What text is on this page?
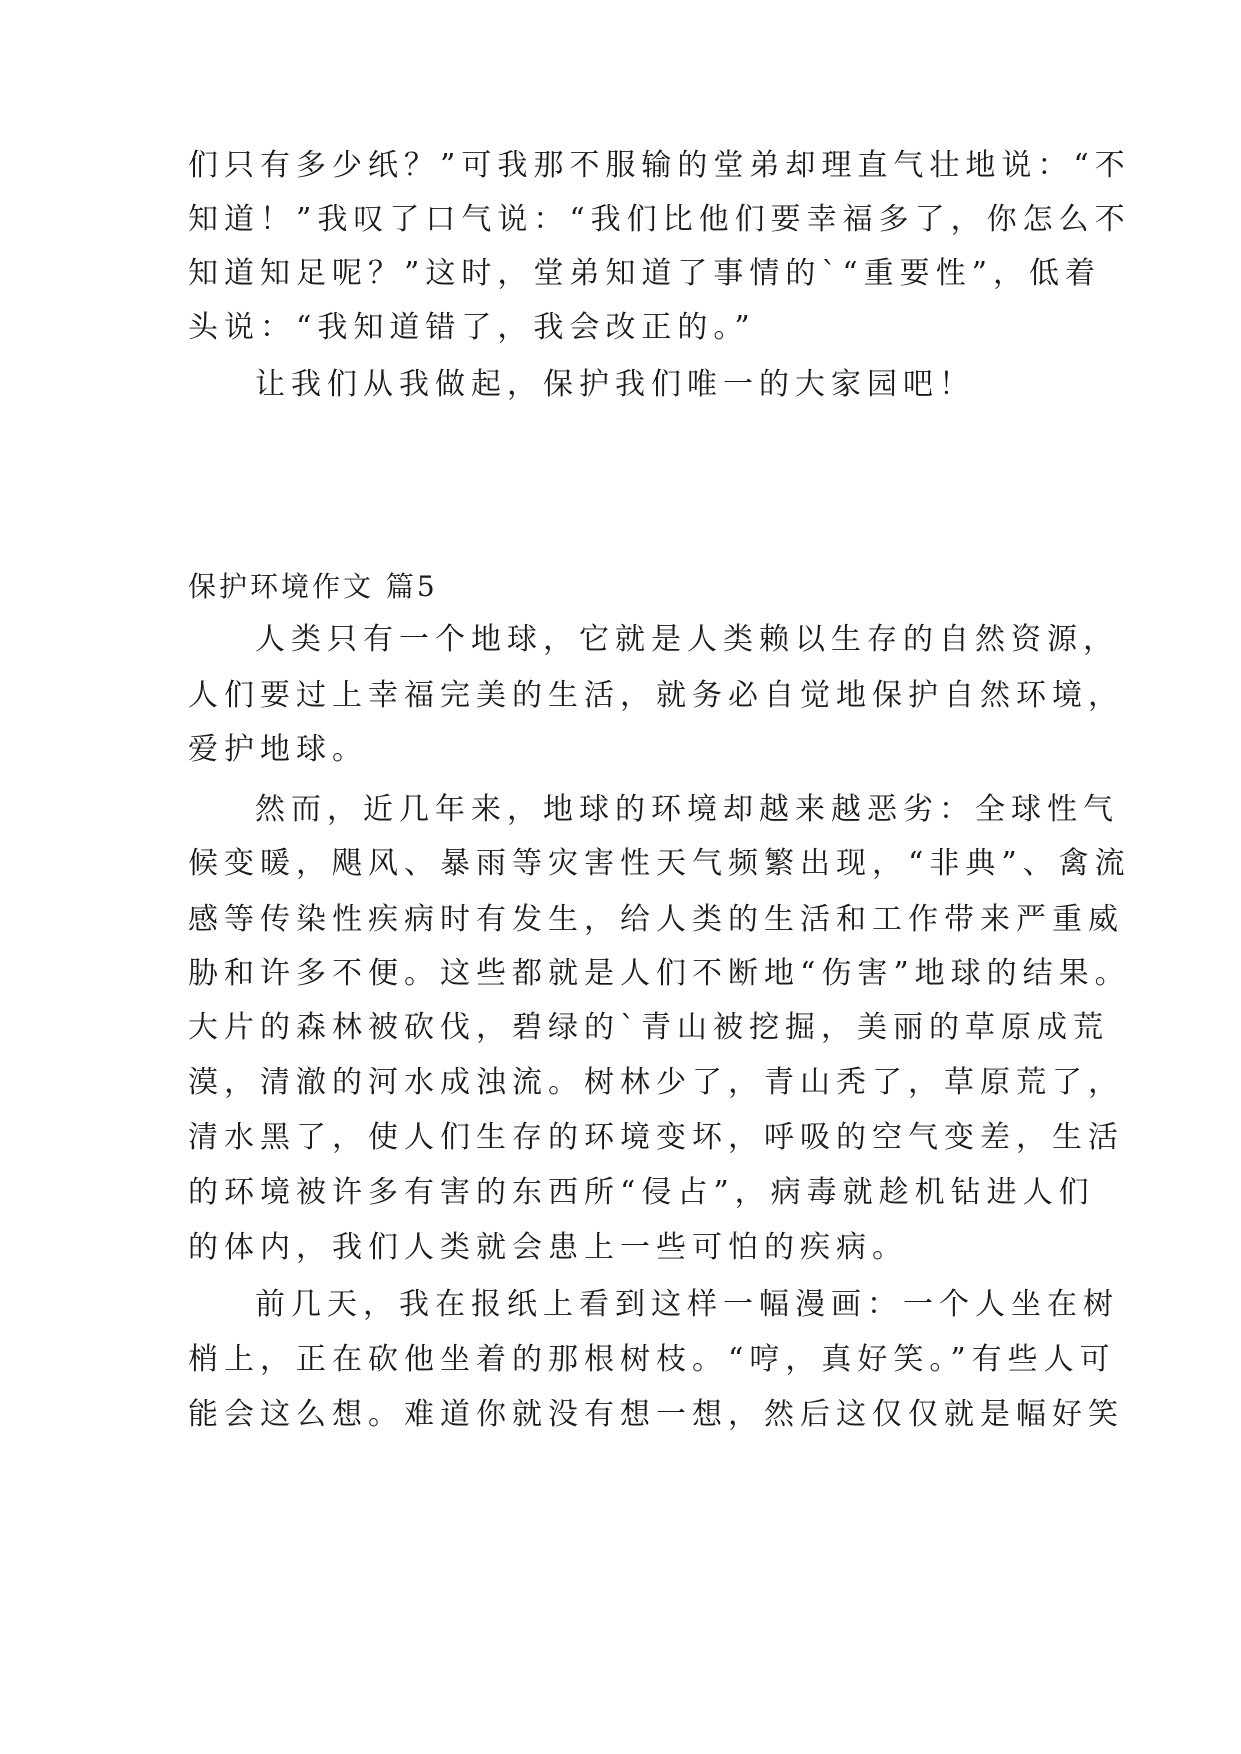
们只有多少纸？”可我那不服输的堂弟却理直气壮地说：“不
知道！”我叹了口气说：“我们比他们要幸福多了，你怎么不
知道知足呢？”这时，堂弟知道了事情的`“重要性”，低着
头说：“我知道错了，我会改正的。”
让我们从我做起，保护我们唯一的大家园吧！
保护环境作文 篇5
人类只有一个地球，它就是人类赖以生存的自然资源，
人们要过上幸福完美的生活，就务必自觉地保护自然环境，
爱护地球。
然而，近几年来，地球的环境却越来越恶劣：全球性气
候变暖，飓风、暴雨等灾害性天气频繁出现，“非典”、禽流
感等传染性疾病时有发生，给人类的生活和工作带来严重威
胁和许多不便。这些都就是人们不断地“伤害”地球的结果。
大片的森林被砍伐，碧绿的`青山被挖掘，美丽的草原成荒
漠，清澈的河水成浊流。树林少了，青山秃了，草原荒了，
清水黑了，使人们生存的环境变坏，呼吸的空气变差，生活
的环境被许多有害的东西所“侵占”，病毒就趁机钻进人们
的体内，我们人类就会患上一些可怕的疾病。
前几天，我在报纸上看到这样一幅漫画：一个人坐在树
梢上，正在砍他坐着的那根树枝。“哼，真好笑。”有些人可
能会这么想。难道你就没有想一想，然后这仅仅就是幅好笑
